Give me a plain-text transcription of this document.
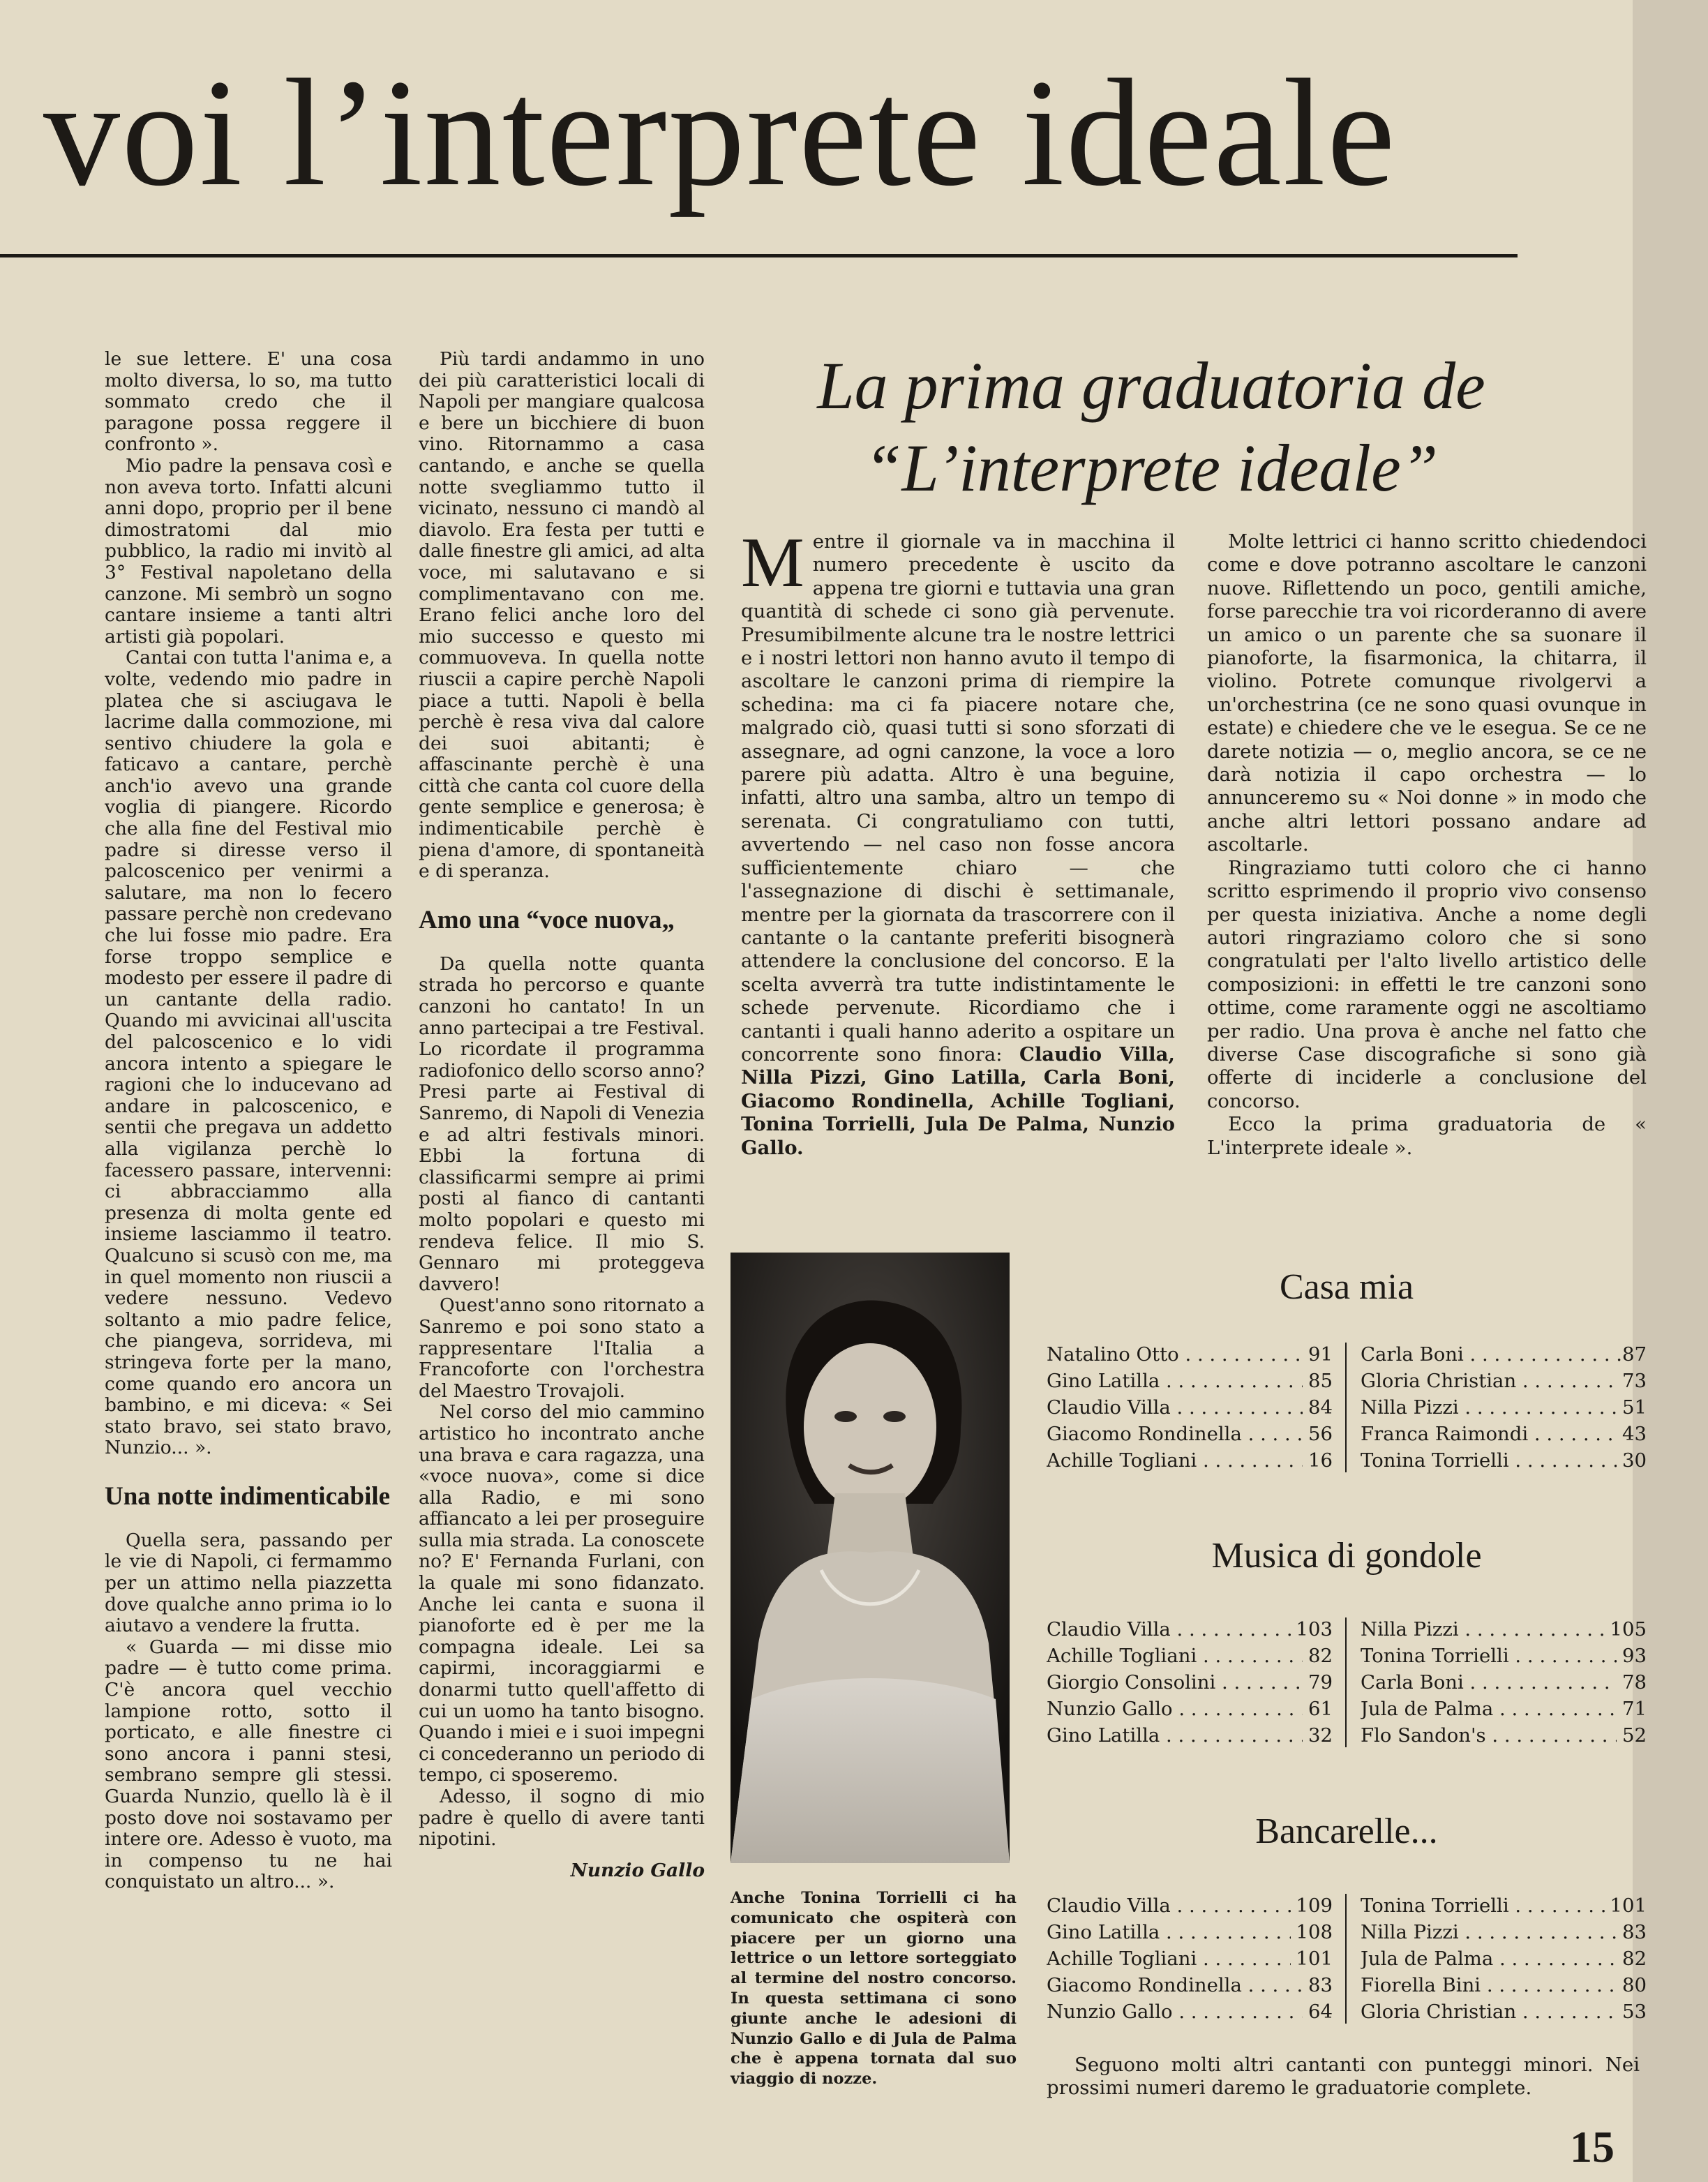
voi l’interprete ideale

le sue lettere. E' una cosa molto diversa, lo so, ma tutto sommato credo che il paragone possa reggere il confronto ».

Mio padre la pensava così e non aveva torto. Infatti alcuni anni dopo, proprio per il bene dimostratomi dal mio pubblico, la radio mi invitò al 3° Festival napoletano della canzone. Mi sembrò un sogno cantare insieme a tanti altri artisti già popolari.

Cantai con tutta l'anima e, a volte, vedendo mio padre in platea che si asciugava le lacrime dalla commozione, mi sentivo chiudere la gola e faticavo a cantare, perchè anch'io avevo una grande voglia di piangere. Ricordo che alla fine del Festival mio padre si diresse verso il palcoscenico per venirmi a salutare, ma non lo fecero passare perchè non credevano che lui fosse mio padre. Era forse troppo semplice e modesto per essere il padre di un cantante della radio. Quando mi avvicinai all'uscita del palcoscenico e lo vidi ancora intento a spiegare le ragioni che lo inducevano ad andare in palcoscenico, e sentii che pregava un addetto alla vigilanza perchè lo facessero passare, intervenni: ci abbracciammo alla presenza di molta gente ed insieme lasciammo il teatro. Qualcuno si scusò con me, ma in quel momento non riuscii a vedere nessuno. Vedevo soltanto a mio padre felice, che piangeva, sorrideva, mi stringeva forte per la mano, come quando ero ancora un bambino, e mi diceva: « Sei stato bravo, sei stato bravo, Nunzio... ».

Una notte indimenticabile

Quella sera, passando per le vie di Napoli, ci fermammo per un attimo nella piazzetta dove qualche anno prima io lo aiutavo a vendere la frutta.

« Guarda — mi disse mio padre — è tutto come prima. C'è ancora quel vecchio lampione rotto, sotto il porticato, e alle finestre ci sono ancora i panni stesi, sembrano sempre gli stessi. Guarda Nunzio, quello là è il posto dove noi sostavamo per intere ore. Adesso è vuoto, ma in compenso tu ne hai conquistato un altro... ».

Più tardi andammo in uno dei più caratteristici locali di Napoli per mangiare qualcosa e bere un bicchiere di buon vino. Ritornammo a casa cantando, e anche se quella notte svegliammo tutto il vicinato, nessuno ci mandò al diavolo. Era festa per tutti e dalle finestre gli amici, ad alta voce, mi salutavano e si complimentavano con me. Erano felici anche loro del mio successo e questo mi commuoveva. In quella notte riuscii a capire perchè Napoli piace a tutti. Napoli è bella perchè è resa viva dal calore dei suoi abitanti; è affascinante perchè è una città che canta col cuore della gente semplice e generosa; è indimenticabile perchè è piena d'amore, di spontaneità e di speranza.

Amo una “voce nuova„

Da quella notte quanta strada ho percorso e quante canzoni ho cantato! In un anno partecipai a tre Festival. Lo ricordate il programma radiofonico dello scorso anno? Presi parte ai Festival di Sanremo, di Napoli di Venezia e ad altri festivals minori. Ebbi la fortuna di classificarmi sempre ai primi posti al fianco di cantanti molto popolari e questo mi rendeva felice. Il mio S. Gennaro mi proteggeva davvero!

Quest'anno sono ritornato a Sanremo e poi sono stato a rappresentare l'Italia a Francoforte con l'orchestra del Maestro Trovajoli.

Nel corso del mio cammino artistico ho incontrato anche una brava e cara ragazza, una «voce nuova», come si dice alla Radio, e mi sono affiancato a lei per proseguire sulla mia strada. La conoscete no? E' Fernanda Furlani, con la quale mi sono fidanzato. Anche lei canta e suona il pianoforte ed è per me la compagna ideale. Lei sa capirmi, incoraggiarmi e donarmi tutto quell'affetto di cui un uomo ha tanto bisogno. Quando i miei e i suoi impegni ci concederanno un periodo di tempo, ci sposeremo.

Adesso, il sogno di mio padre è quello di avere tanti nipotini.

Nunzio Gallo

La prima graduatoria de
“L’interprete ideale”

Mentre il giornale va in macchina il numero precedente è uscito da appena tre giorni e tuttavia una gran quantità di schede ci sono già pervenute. Presumibilmente alcune tra le nostre lettrici e i nostri lettori non hanno avuto il tempo di ascoltare le canzoni prima di riempire la schedina: ma ci fa piacere notare che, malgrado ciò, quasi tutti si sono sforzati di assegnare, ad ogni canzone, la voce a loro parere più adatta. Altro è una beguine, infatti, altro una samba, altro un tempo di serenata. Ci congratuliamo con tutti, avvertendo — nel caso non fosse ancora sufficientemente chiaro — che l'assegnazione di dischi è settimanale, mentre per la giornata da trascorrere con il cantante o la cantante preferiti bisognerà attendere la conclusione del concorso. E la scelta avverrà tra tutte indistintamente le schede pervenute. Ricordiamo che i cantanti i quali hanno aderito a ospitare un concorrente sono finora: Claudio Villa, Nilla Pizzi, Gino Latilla, Carla Boni, Giacomo Rondinella, Achille Togliani, Tonina Torrielli, Jula De Palma, Nunzio Gallo.

Molte lettrici ci hanno scritto chiedendoci come e dove potranno ascoltare le canzoni nuove. Riflettendo un poco, gentili amiche, forse parecchie tra voi ricorderanno di avere un amico o un parente che sa suonare il pianoforte, la fisarmonica, la chitarra, il violino. Potrete comunque rivolgervi a un'orchestrina (ce ne sono quasi ovunque in estate) e chiedere che ve le esegua. Se ce ne darete notizia — o, meglio ancora, se ce ne darà notizia il capo orchestra — lo annunceremo su « Noi donne » in modo che anche altri lettori possano andare ad ascoltarle.

Ringraziamo tutti coloro che ci hanno scritto esprimendo il proprio vivo consenso per questa iniziativa. Anche a nome degli autori ringraziamo coloro che si sono congratulati per l'alto livello artistico delle composizioni: in effetti le tre canzoni sono ottime, come raramente oggi ne ascoltiamo per radio. Una prova è anche nel fatto che diverse Case discografiche si sono già offerte di inciderle a conclusione del concorso.

Ecco la prima graduatoria de « L'interprete ideale ».

Anche Tonina Torrielli ci ha comunicato che ospiterà con piacere per un giorno una lettrice o un lettore sorteggiato al termine del nostro concorso. In questa settimana ci sono giunte anche le adesioni di Nunzio Gallo e di Jula de Palma che è appena tornata dal suo viaggio di nozze.

Casa mia
Natalino Otto . . .	91
Gino Latilla . . .	85
Claudio Villa . . .	84
Giacomo Rondinella . . .	56
Achille Togliani . . .	16
Carla Boni . . .	.87
Gloria Christian . . .	73
Nilla Pizzi . . .	51
Franca Raimondi . . .	43
Tonina Torrielli . . .	30
Musica di gondole
Claudio Villa . . .	103
Achille Togliani . . .	82
Giorgio Consolini . . .	79
Nunzio Gallo . . .	61
Gino Latilla . . .	32
Nilla Pizzi . . .	105
Tonina Torrielli . . .	93
Carla Boni . . .	78
Jula de Palma . . .	71
Flo Sandon's . . .	52
Bancarelle...
Claudio Villa . . .	109
Gino Latilla . . .	108
Achille Togliani . . .	101
Giacomo Rondinella . . .	83
Nunzio Gallo . . .	64
Tonina Torrielli . . .	101
Nilla Pizzi . . .	83
Jula de Palma . . .	82
Fiorella Bini . . .	80
Gloria Christian . . .	53

Seguono molti altri cantanti con punteggi minori. Nei prossimi numeri daremo le graduatorie complete.

15
